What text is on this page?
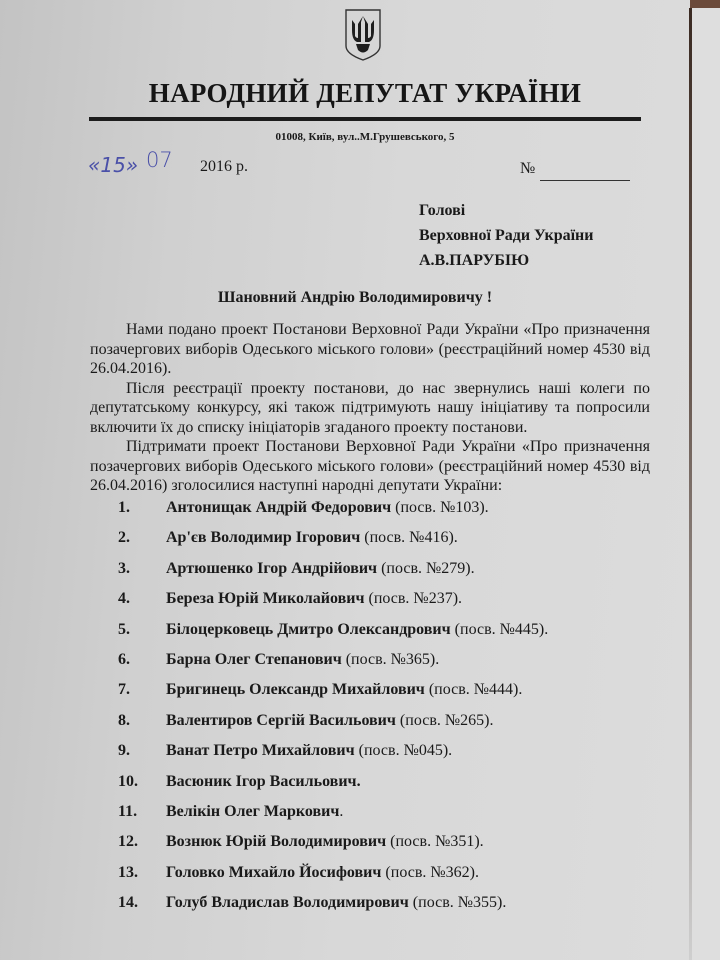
НАРОДНИЙ ДЕПУТАТ УКРАЇНИ
01008, Київ, вул..М.Грушевського, 5
«15» 07 2016 р.	№
Голові
Верховної Ради України
А.В.ПАРУБІЮ
Шановний Андрію Володимировичу !

Нами подано проект Постанови Верховної Ради України «Про призначення позачергових виборів Одеського міського голови» (реєстраційний номер 4530 від 26.04.2016).

Після реєстрації проекту постанови, до нас звернулись наші колеги по депутатському конкурсу, які також підтримують нашу ініціативу та попросили включити їх до списку ініціаторів згаданого проекту постанови.

Підтримати проект Постанови Верховної Ради України «Про призначення позачергових виборів Одеського міського голови» (реєстраційний номер 4530 від 26.04.2016) зголосилися наступні народні депутати України:

1.	Антонищак Андрій Федорович (посв. №103).
2.	Ар'єв Володимир Ігорович (посв. №416).
3.	Артюшенко Ігор Андрійович (посв. №279).
4.	Береза Юрій Миколайович (посв. №237).
5.	Білоцерковець Дмитро Олександрович (посв. №445).
6.	Барна Олег Степанович (посв. №365).
7.	Бригинець Олександр Михайлович (посв. №444).
8.	Валентиров Сергій Васильович (посв. №265).
9.	Ванат Петро Михайлович (посв. №045).
10.	Васюник Ігор Васильович.
11.	Велікін Олег Маркович .
12.	Вознюк Юрій Володимирович (посв. №351).
13.	Головко Михайло Йосифович (посв. №362).
14.	Голуб Владислав Володимирович (посв. №355).
